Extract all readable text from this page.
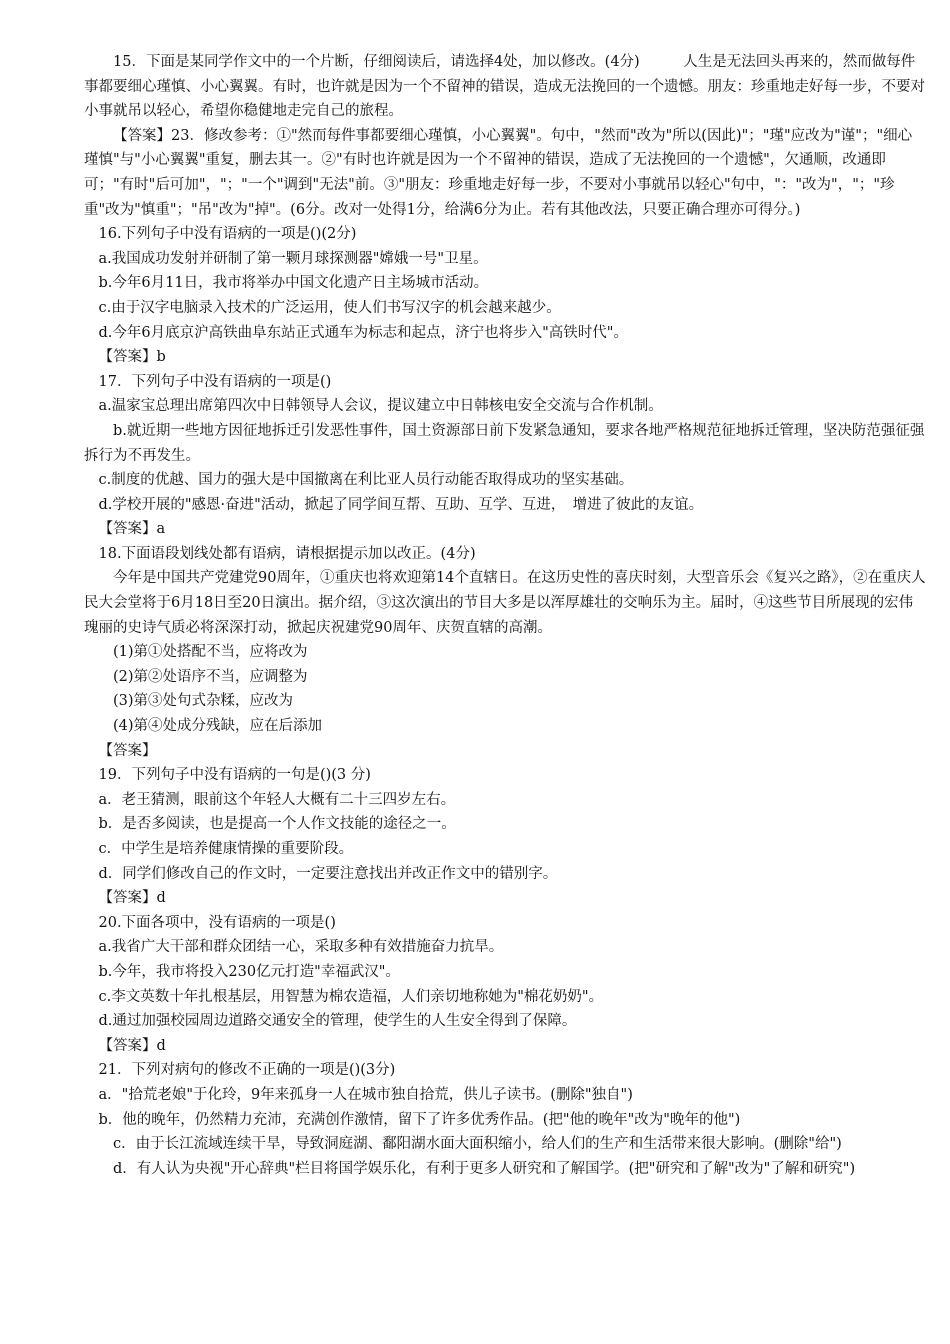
15．下面是某同学作文中的一个片断，仔细阅读后，请选择4处，加以修改。(4分)　　　人生是无法回头再来的，然而做每件事都要细心瑾慎、小心翼翼。有时，也许就是因为一个不留神的错误，造成无法挽回的一个遗憾。朋友：珍重地走好每一步，不要对小事就吊以轻心，希望你稳健地走完自己的旅程。

【答案】23．修改参考：①"然而每件事都要细心瑾慎，小心翼翼"。句中，"然而"改为"所以(因此)"；"瑾"应改为"谨"；"细心瑾慎"与"小心翼翼"重复，删去其一。②"有时也许就是因为一个不留神的错误，造成了无法挽回的一个遗憾"，欠通顺，改通即可；"有时"后可加"，"；"一个"调到"无法"前。③"朋友：珍重地走好每一步，不要对小事就吊以轻心"句中，"："改为"，"；"珍重"改为"慎重"；"吊"改为"掉"。(6分。改对一处得1分，给满6分为止。若有其他改法，只要正确合理亦可得分。)

16.下列句子中没有语病的一项是()(2分)

a.我国成功发射并研制了第一颗月球探测器"嫦娥一号"卫星。

b.今年6月11日，我市将举办中国文化遗产日主场城市活动。

c.由于汉字电脑录入技术的广泛运用，使人们书写汉字的机会越来越少。

d.今年6月底京沪高铁曲阜东站正式通车为标志和起点，济宁也将步入"高铁时代"。

【答案】b

17．下列句子中没有语病的一项是()

a.温家宝总理出席第四次中日韩领导人会议，提议建立中日韩核电安全交流与合作机制。

b.就近期一些地方因征地拆迁引发恶性事件，国土资源部日前下发紧急通知，要求各地严格规范征地拆迁管理，坚决防范强征强拆行为不再发生。

c.制度的优越、国力的强大是中国撤离在利比亚人员行动能否取得成功的坚实基础。

d.学校开展的"感恩·奋进"活动，掀起了同学间互帮、互助、互学、互进，　增进了彼此的友谊。

【答案】a

18.下面语段划线处都有语病，请根据提示加以改正。(4分)

今年是中国共产党建党90周年，①重庆也将欢迎第14个直辖日。在这历史性的喜庆时刻，大型音乐会《复兴之路》，②在重庆人民大会堂将于6月18日至20日演出。据介绍，③这次演出的节目大多是以浑厚雄壮的交响乐为主。届时，④这些节目所展现的宏伟瑰丽的史诗气质必将深深打动，掀起庆祝建党90周年、庆贺直辖的高潮。

(1)第①处搭配不当，应将改为

(2)第②处语序不当，应调整为

(3)第③处句式杂糅，应改为

(4)第④处成分残缺，应在后添加

【答案】

19．下列句子中没有语病的一句是()(3 分)

a．老王猜测，眼前这个年轻人大概有二十三四岁左右。

b．是否多阅读，也是提高一个人作文技能的途径之一。

c．中学生是培养健康情操的重要阶段。

d．同学们修改自己的作文时，一定要注意找出并改正作文中的错别字。

【答案】d

20.下面各项中，没有语病的一项是()

a.我省广大干部和群众团结一心，采取多种有效措施奋力抗旱。

b.今年，我市将投入230亿元打造"幸福武汉"。

c.李文英数十年扎根基层，用智慧为棉农造福，人们亲切地称她为"棉花奶奶"。

d.通过加强校园周边道路交通安全的管理，使学生的人生安全得到了保障。

【答案】d

21．下列对病句的修改不正确的一项是()(3分)

a．"拾荒老娘"于化玲，9年来孤身一人在城市独自拾荒，供儿子读书。(删除"独自")

b．他的晚年，仍然精力充沛，充满创作激情，留下了许多优秀作品。(把"他的晚年"改为"晚年的他")

c．由于长江流域连续干旱，导致洞庭湖、鄱阳湖水面大面积缩小，给人们的生产和生活带来很大影响。(删除"给")

d．有人认为央视"开心辞典"栏目将国学娱乐化，有利于更多人研究和了解国学。(把"研究和了解"改为"了解和研究")
